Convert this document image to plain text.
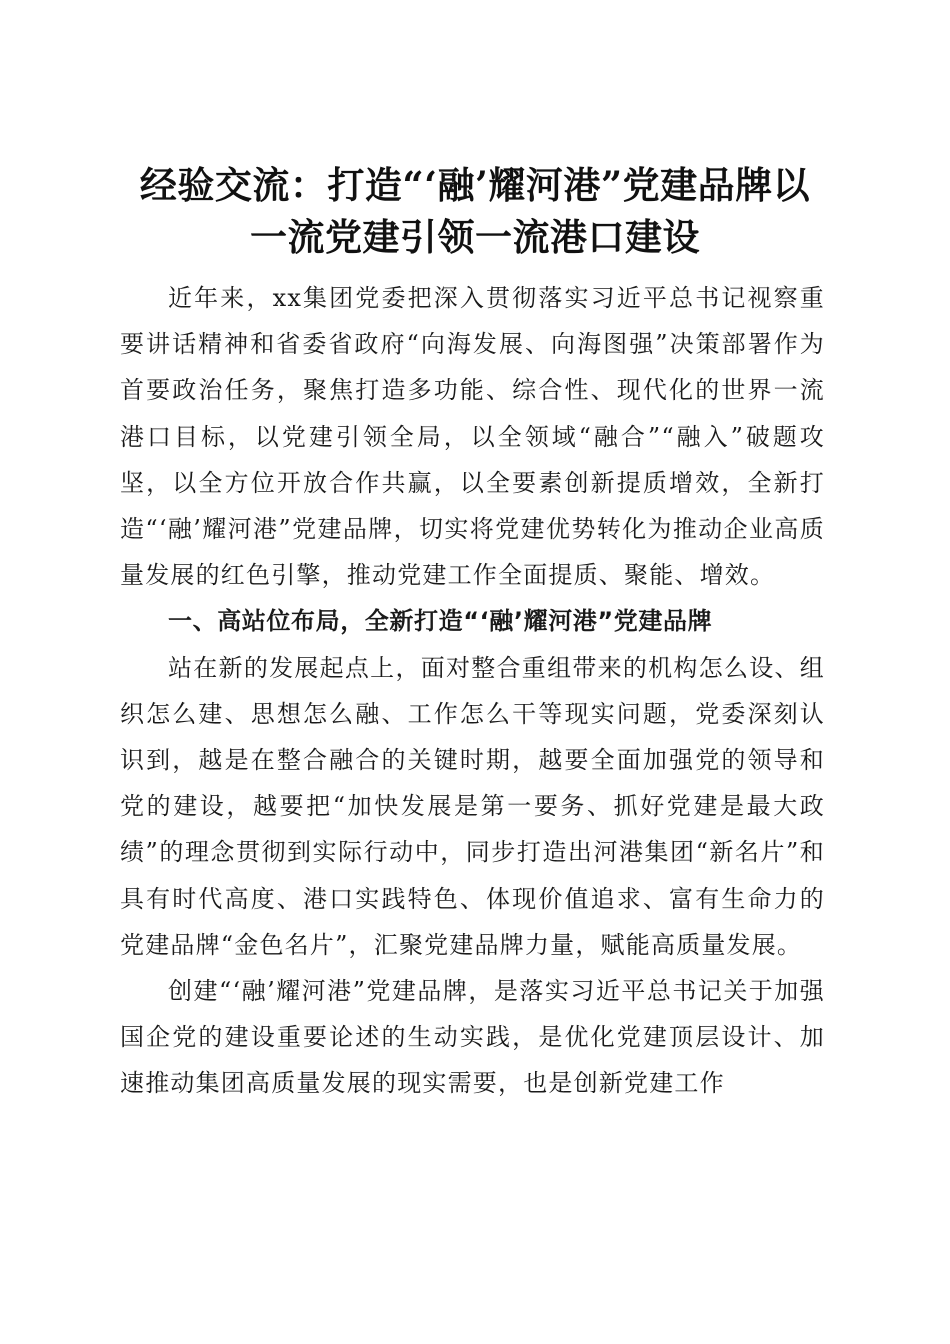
经验交流：打造“‘融’耀河港”党建品牌以
一流党建引领一流港口建设

近年来，xx集团党委把深入贯彻落实习近平总书记视察重要讲话精神和省委省政府“向海发展、向海图强”决策部署作为首要政治任务，聚焦打造多功能、综合性、现代化的世界一流港口目标，以党建引领全局，以全领域“融合”“融入”破题攻坚，以全方位开放合作共赢，以全要素创新提质增效，全新打造“‘融’耀河港”党建品牌，切实将党建优势转化为推动企业高质量发展的红色引擎，推动党建工作全面提质、聚能、增效。

一、高站位布局，全新打造“‘融’耀河港”党建品牌

站在新的发展起点上，面对整合重组带来的机构怎么设、组织怎么建、思想怎么融、工作怎么干等现实问题，党委深刻认识到，越是在整合融合的关键时期，越要全面加强党的领导和党的建设，越要把“加快发展是第一要务、抓好党建是最大政绩”的理念贯彻到实际行动中，同步打造出河港集团“新名片”和具有时代高度、港口实践特色、体现价值追求、富有生命力的党建品牌“金色名片”，汇聚党建品牌力量，赋能高质量发展。

创建“‘融’耀河港”党建品牌，是落实习近平总书记关于加强国企党的建设重要论述的生动实践，是优化党建顶层设计、加速推动集团高质量发展的现实需要，也是创新党建工作
